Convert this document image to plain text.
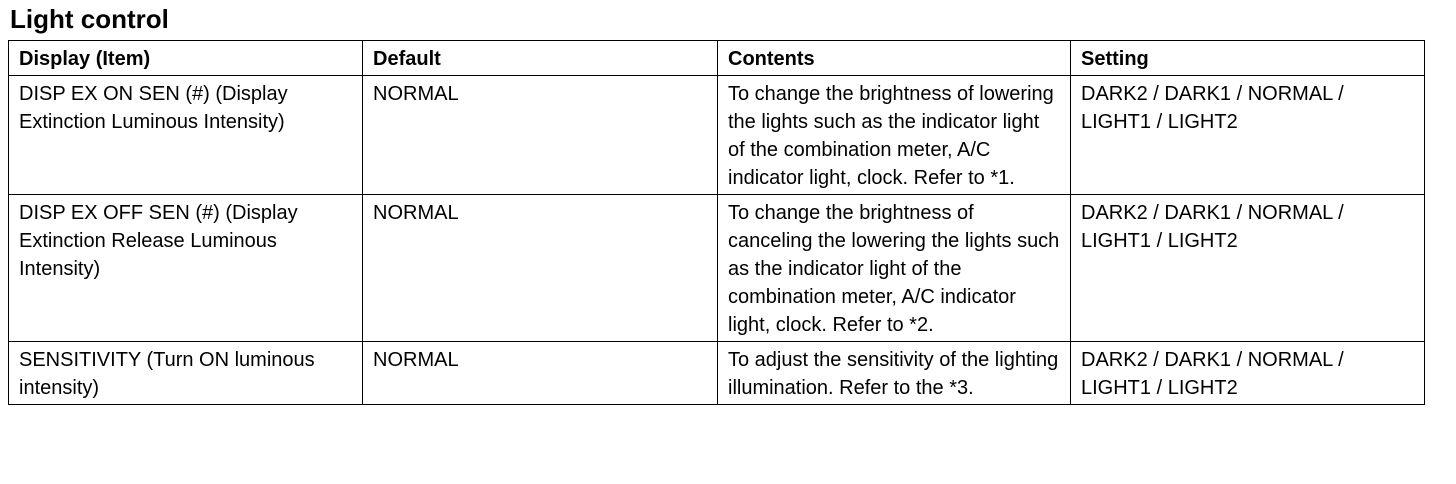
Light control
Display (Item)	Default	Contents	Setting
DISP EX ON SEN (#) (Display Extinction Luminous Intensity)	NORMAL	To change the brightness of lowering the lights such as the indicator light of the combination meter, A/C indicator light, clock. Refer to *1.	DARK2 / DARK1 / NORMAL / LIGHT1 / LIGHT2
DISP EX OFF SEN (#) (Display Extinction Release Luminous Intensity)	NORMAL	To change the brightness of canceling the lowering the lights such as the indicator light of the combination meter, A/C indicator light, clock. Refer to *2.	DARK2 / DARK1 / NORMAL / LIGHT1 / LIGHT2
SENSITIVITY (Turn ON luminous intensity)	NORMAL	To adjust the sensitivity of the lighting illumination. Refer to the *3.	DARK2 / DARK1 / NORMAL / LIGHT1 / LIGHT2
